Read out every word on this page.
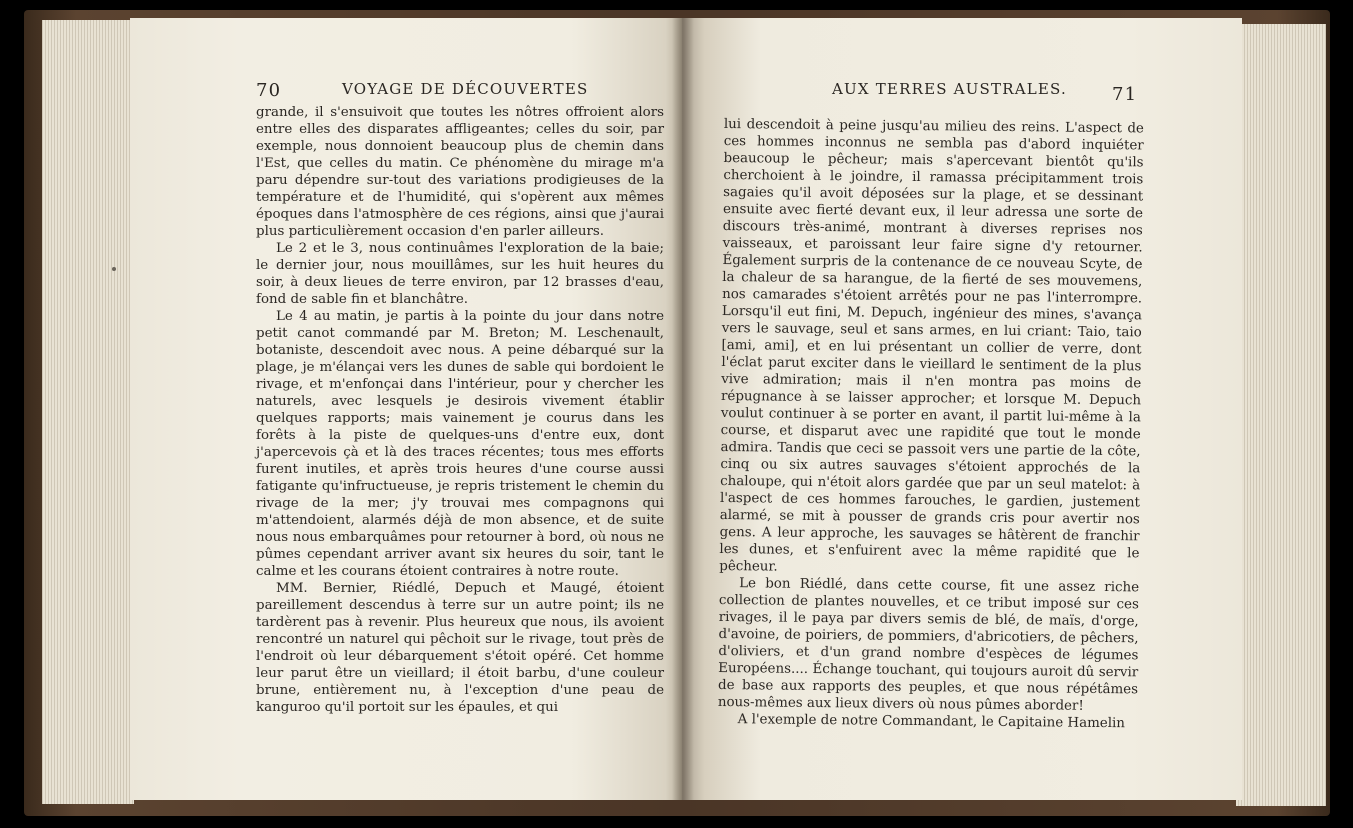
70	VOYAGE DE DÉCOUVERTES

grande, il s'ensuivoit que toutes les nôtres offroient alors entre elles des disparates affligeantes; celles du soir, par exemple, nous donnoient beaucoup plus de chemin dans l'Est, que celles du matin. Ce phénomène du mirage m'a paru dépendre sur-tout des variations prodigieuses de la température et de l'humidité, qui s'opèrent aux mêmes époques dans l'atmosphère de ces régions, ainsi que j'aurai plus particulièrement occasion d'en parler ailleurs.

Le 2 et le 3, nous continuâmes l'exploration de la baie; le dernier jour, nous mouillâmes, sur les huit heures du soir, à deux lieues de terre environ, par 12 brasses d'eau, fond de sable fin et blanchâtre.

Le 4 au matin, je partis à la pointe du jour dans notre petit canot commandé par M. Breton; M. Leschenault, botaniste, descendoit avec nous. A peine débarqué sur la plage, je m'élançai vers les dunes de sable qui bordoient le rivage, et m'enfonçai dans l'intérieur, pour y chercher les naturels, avec lesquels je desirois vivement établir quelques rapports; mais vainement je courus dans les forêts à la piste de quelques-uns d'entre eux, dont j'apercevois çà et là des traces récentes; tous mes efforts furent inutiles, et après trois heures d'une course aussi fatigante qu'infructueuse, je repris tristement le chemin du rivage de la mer; j'y trouvai mes compagnons qui m'attendoient, alarmés déjà de mon absence, et de suite nous nous embarquâmes pour retourner à bord, où nous ne pûmes cependant arriver avant six heures du soir, tant le calme et les courans étoient contraires à notre route.

MM. Bernier, Riédlé, Depuch et Maugé, étoient pareillement descendus à terre sur un autre point; ils ne tardèrent pas à revenir. Plus heureux que nous, ils avoient rencontré un naturel qui pêchoit sur le rivage, tout près de l'endroit où leur débarquement s'étoit opéré. Cet homme leur parut être un vieillard; il étoit barbu, d'une couleur brune, entièrement nu, à l'exception d'une peau de kanguroo qu'il portoit sur les épaules, et qui

AUX TERRES AUSTRALES.	71

lui descendoit à peine jusqu'au milieu des reins. L'aspect de ces hommes inconnus ne sembla pas d'abord inquiéter beaucoup le pêcheur; mais s'apercevant bientôt qu'ils cherchoient à le joindre, il ramassa précipitamment trois sagaies qu'il avoit déposées sur la plage, et se dessinant ensuite avec fierté devant eux, il leur adressa une sorte de discours très-animé, montrant à diverses reprises nos vaisseaux, et paroissant leur faire signe d'y retourner. Également surpris de la contenance de ce nouveau Scyte, de la chaleur de sa harangue, de la fierté de ses mouvemens, nos camarades s'étoient arrêtés pour ne pas l'interrompre. Lorsqu'il eut fini, M. Depuch, ingénieur des mines, s'avança vers le sauvage, seul et sans armes, en lui criant: Taio, taio [ami, ami], et en lui présentant un collier de verre, dont l'éclat parut exciter dans le vieillard le sentiment de la plus vive admiration; mais il n'en montra pas moins de répugnance à se laisser approcher; et lorsque M. Depuch voulut continuer à se porter en avant, il partit lui-même à la course, et disparut avec une rapidité que tout le monde admira. Tandis que ceci se passoit vers une partie de la côte, cinq ou six autres sauvages s'étoient approchés de la chaloupe, qui n'étoit alors gardée que par un seul matelot: à l'aspect de ces hommes farouches, le gardien, justement alarmé, se mit à pousser de grands cris pour avertir nos gens. A leur approche, les sauvages se hâtèrent de franchir les dunes, et s'enfuirent avec la même rapidité que le pêcheur.

Le bon Riédlé, dans cette course, fit une assez riche collection de plantes nouvelles, et ce tribut imposé sur ces rivages, il le paya par divers semis de blé, de maïs, d'orge, d'avoine, de poiriers, de pommiers, d'abricotiers, de pêchers, d'oliviers, et d'un grand nombre d'espèces de légumes Européens.... Échange touchant, qui toujours auroit dû servir de base aux rapports des peuples, et que nous répétâmes nous-mêmes aux lieux divers où nous pûmes aborder!

A l'exemple de notre Commandant, le Capitaine Hamelin
